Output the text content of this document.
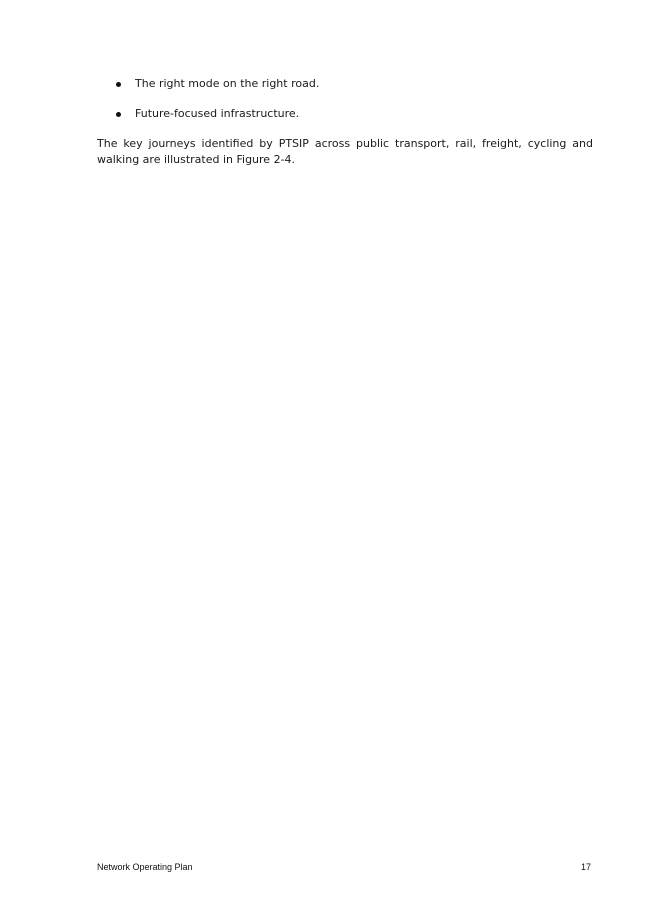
The right mode on the right road.
Future-focused infrastructure.

The key journeys identified by PTSIP across public transport, rail, freight, cycling and walking are illustrated in Figure 2-4.

Network Operating Plan	17
